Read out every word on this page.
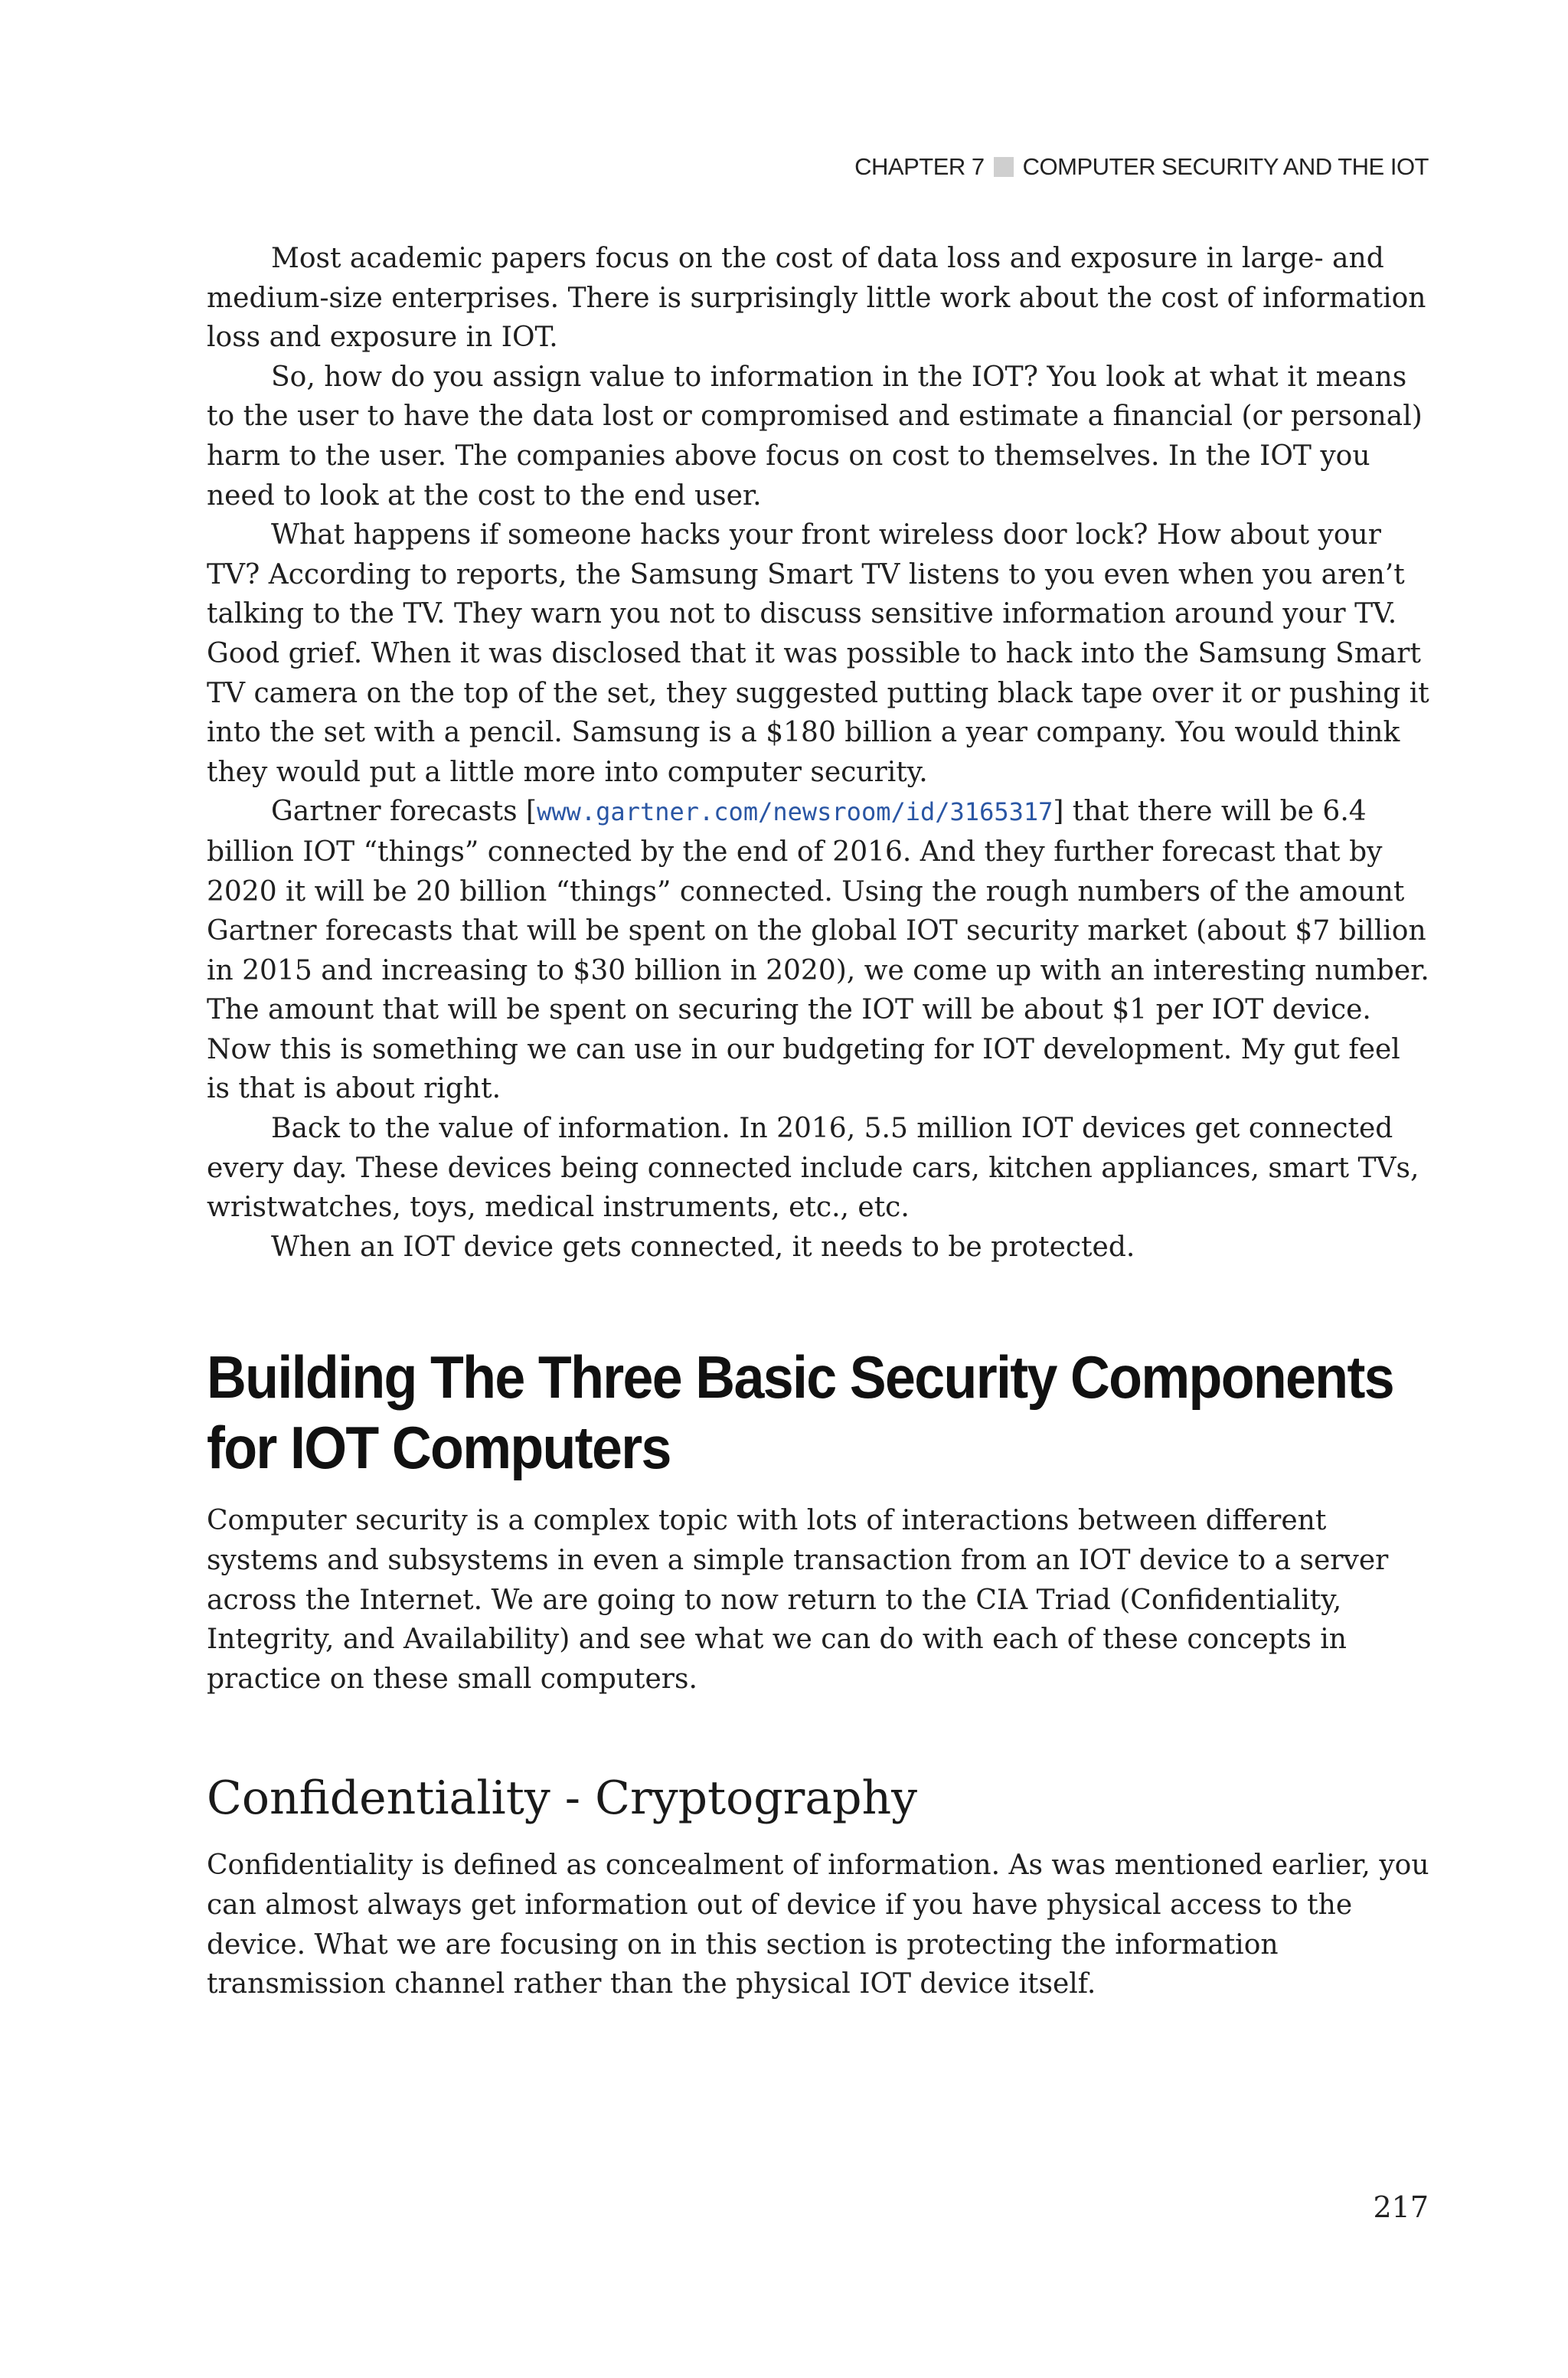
CHAPTER 7 COMPUTER SECURITY AND THE IOT

Most academic papers focus on the cost of data loss and exposure in large- and medium-size enterprises. There is surprisingly little work about the cost of information loss and exposure in IOT.

So, how do you assign value to information in the IOT? You look at what it means to the user to have the data lost or compromised and estimate a financial (or personal) harm to the user. The companies above focus on cost to themselves. In the IOT you need to look at the cost to the end user.

What happens if someone hacks your front wireless door lock? How about your TV? According to reports, the Samsung Smart TV listens to you even when you aren’t talking to the TV. They warn you not to discuss sensitive information around your TV. Good grief. When it was disclosed that it was possible to hack into the Samsung Smart TV camera on the top of the set, they suggested putting black tape over it or pushing it into the set with a pencil. Samsung is a $180 billion a year company. You would think they would put a little more into computer security.

Gartner forecasts [www.gartner.com/newsroom/id/3165317] that there will be 6.4 billion IOT “things” connected by the end of 2016. And they further forecast that by 2020 it will be 20 billion “things” connected. Using the rough numbers of the amount Gartner forecasts that will be spent on the global IOT security market (about $7 billion in 2015 and increasing to $30 billion in 2020), we come up with an interesting number. The amount that will be spent on securing the IOT will be about $1 per IOT device. Now this is something we can use in our budgeting for IOT development. My gut feel is that is about right.

Back to the value of information. In 2016, 5.5 million IOT devices get connected every day. These devices being connected include cars, kitchen appliances, smart TVs, wristwatches, toys, medical instruments, etc., etc.

When an IOT device gets connected, it needs to be protected.

Building The Three Basic Security Components for IOT Computers

Computer security is a complex topic with lots of interactions between different systems and subsystems in even a simple transaction from an IOT device to a server across the Internet. We are going to now return to the CIA Triad (Confidentiality, Integrity, and Availability) and see what we can do with each of these concepts in practice on these small computers.

Confidentiality - Cryptography

Confidentiality is defined as concealment of information. As was mentioned earlier, you can almost always get information out of device if you have physical access to the device. What we are focusing on in this section is protecting the information transmission channel rather than the physical IOT device itself.

217
